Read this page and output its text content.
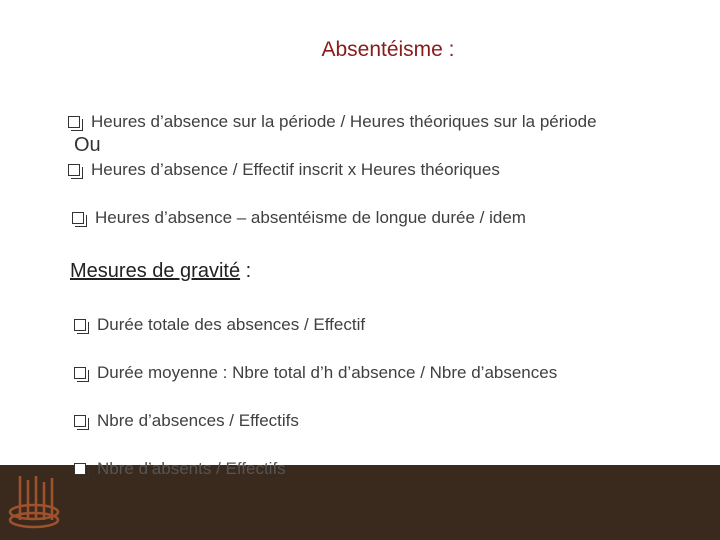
Absentéisme :
Heures d’absence sur la période / Heures théoriques sur la période
Ou
Heures d’absence / Effectif inscrit x Heures théoriques
Heures d’absence – absentéisme de longue durée / idem
Mesures de gravité :
Durée totale des absences / Effectif
Durée moyenne : Nbre total d’h d’absence / Nbre d’absences
Nbre d’absences / Effectifs
Nbre d’absents / Effectifs
